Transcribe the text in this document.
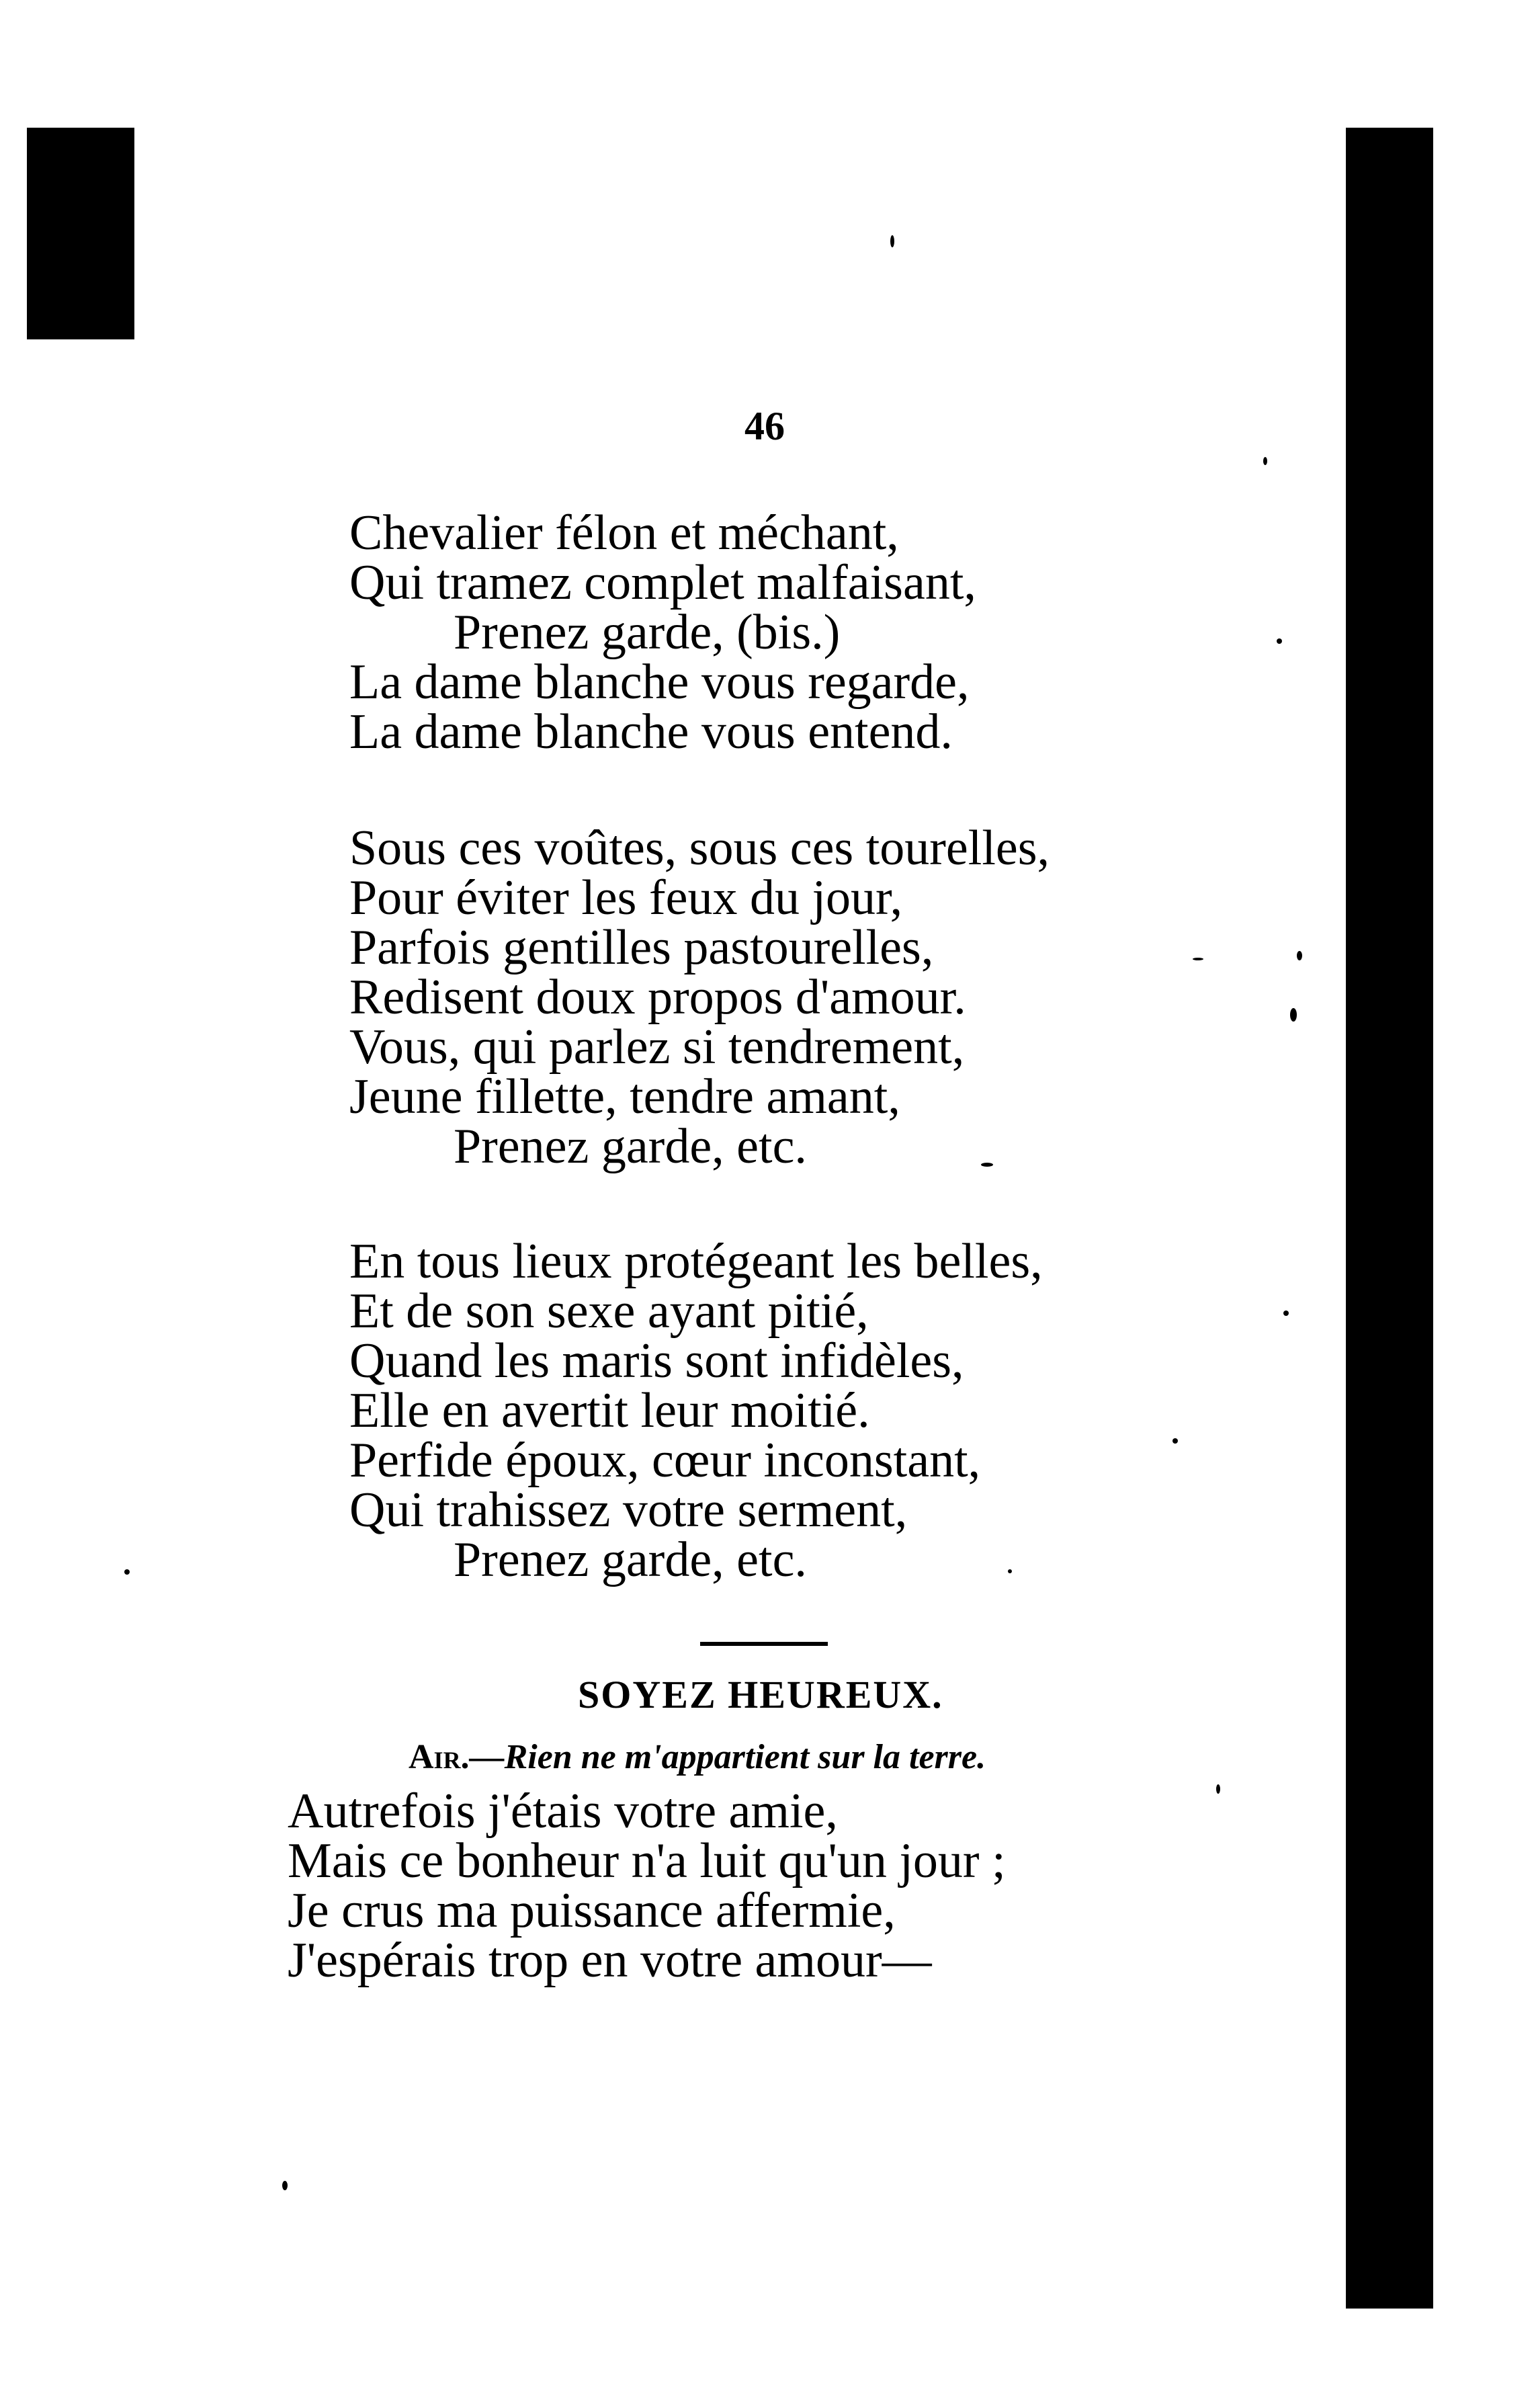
46
Chevalier félon et méchant,
Qui tramez complet malfaisant,
Prenez garde, (bis.)
La dame blanche vous regarde,
La dame blanche vous entend.
Sous ces voûtes, sous ces tourelles,
Pour éviter les feux du jour,
Parfois gentilles pastourelles,
Redisent doux propos d'amour.
Vous, qui parlez si tendrement,
Jeune fillette, tendre amant,
Prenez garde, etc.
En tous lieux protégeant les belles,
Et de son sexe ayant pitié,
Quand les maris sont infidèles,
Elle en avertit leur moitié.
Perfide époux, cœur inconstant,
Qui trahissez votre serment,
Prenez garde, etc.
SOYEZ HEUREUX.
Air.—Rien ne m'appartient sur la terre.
Autrefois j'étais votre amie,
Mais ce bonheur n'a luit qu'un jour ;
Je crus ma puissance affermie,
J'espérais trop en votre amour—
